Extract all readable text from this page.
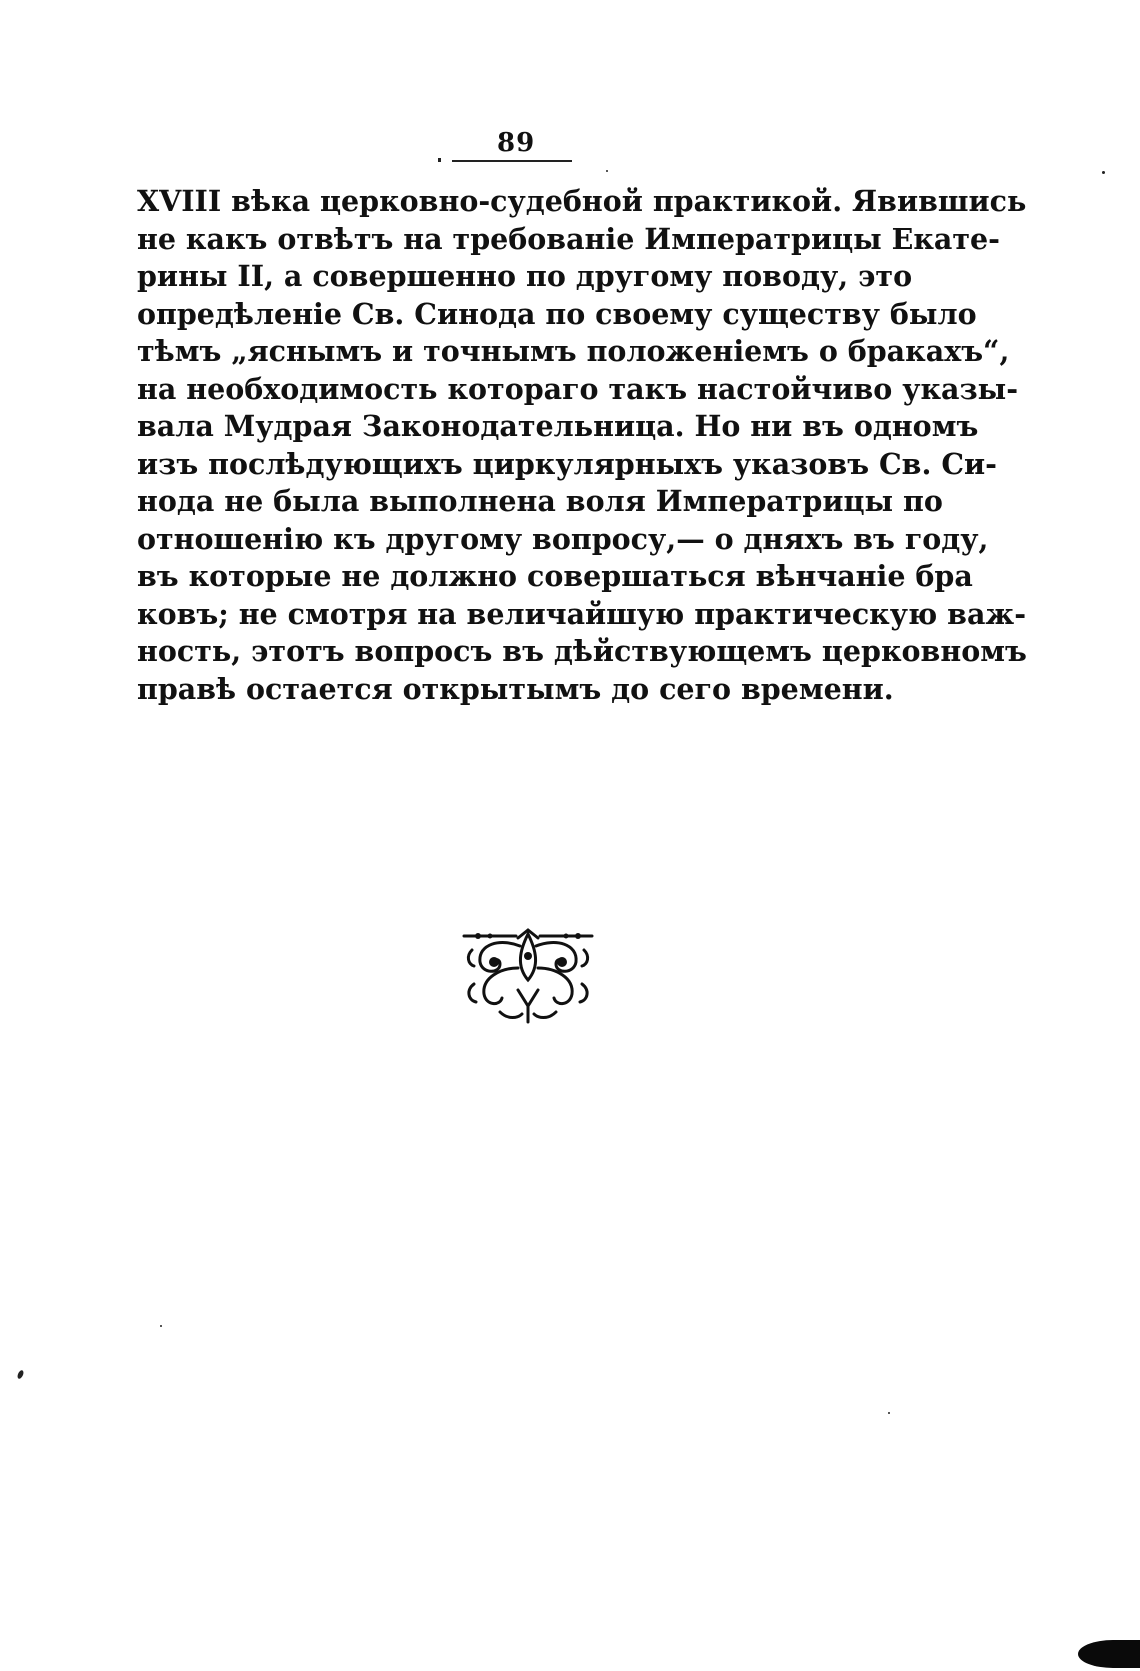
89
XVIII вѣка церковно-судебной практикой. Явившись
не какъ отвѣтъ на требованіе Императрицы Екате-
рины II, а совершенно по другому поводу, это
опредѣленіе Св. Синода по своему существу было
тѣмъ „яснымъ и точнымъ положеніемъ о бракахъ“,
на необходимость котораго такъ настойчиво указы-
вала Мудрая Законодательница. Но ни въ одномъ
изъ послѣдующихъ циркулярныхъ указовъ Св. Си-
нода не была выполнена воля Императрицы по
отношенію къ другому вопросу,— о дняхъ въ году,
въ которые не должно совершаться вѣнчаніе бра
ковъ; не смотря на величайшую практическую важ-
ность, этотъ вопросъ въ дѣйствующемъ церковномъ
правѣ остается открытымъ до сего времени.
